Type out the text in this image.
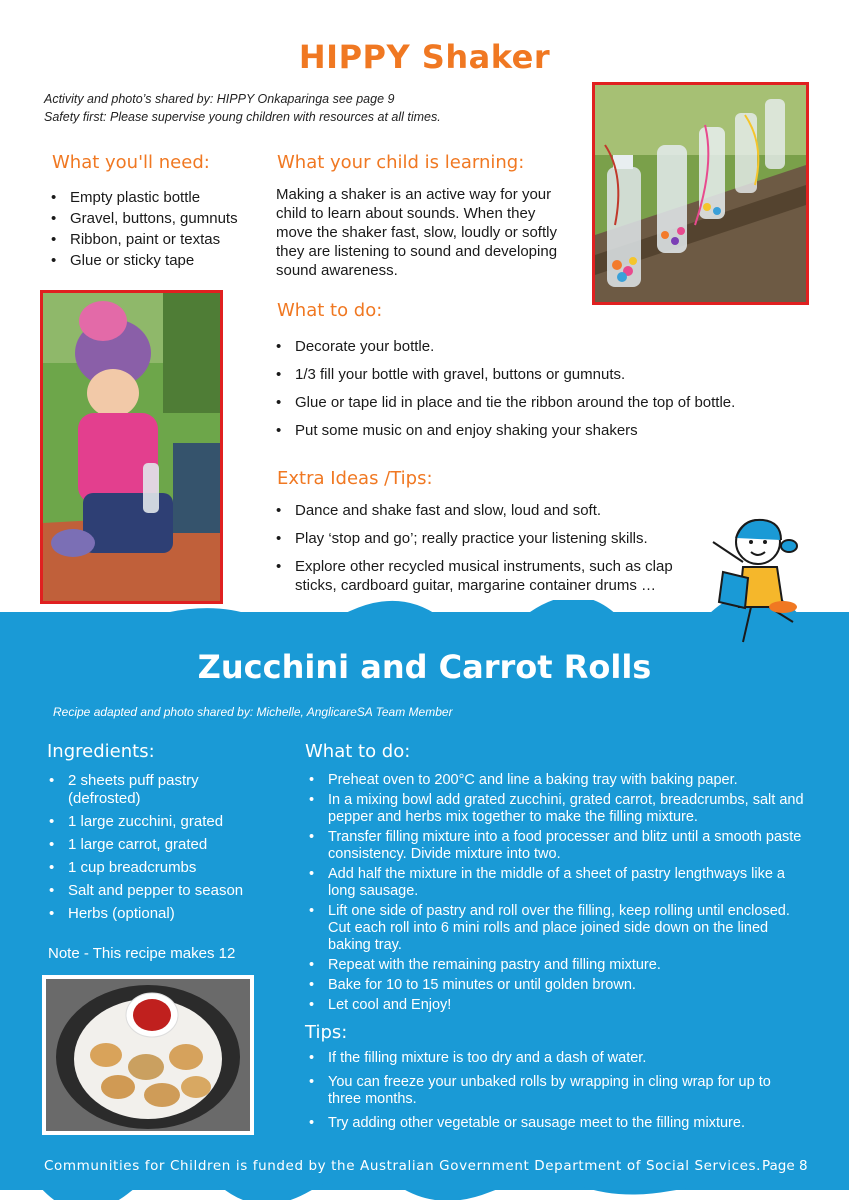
HIPPY Shaker
Activity and photo’s shared by: HIPPY Onkaparinga see page 9
Safety first: Please supervise young children with resources at all times.
What you'll need:
• Empty plastic bottle
• Gravel, buttons, gumnuts
• Ribbon, paint or textas
• Glue or sticky tape
What your child is learning:
Making a shaker is an active way for your child to learn about sounds. When they move the shaker fast, slow, loudly or softly they are listening to sound and developing sound awareness.
What to do:
• Decorate your bottle.
• 1/3 fill your bottle with gravel, buttons or gumnuts.
• Glue or tape lid in place and tie the ribbon around the top of bottle.
• Put some music on and enjoy shaking your shakers
Extra Ideas /Tips:
• Dance and shake fast and slow, loud and soft.
• Play ‘stop and go’; really practice your listening skills.
• Explore other recycled musical instruments, such as clap sticks, cardboard guitar, margarine container drums …
Zucchini and Carrot Rolls
Recipe adapted and photo shared by: Michelle, AnglicareSA Team Member
Ingredients:
• 2 sheets puff pastry (defrosted)
• 1 large zucchini, grated
• 1 large carrot, grated
• 1 cup breadcrumbs
• Salt and pepper to season
• Herbs (optional)
Note - This recipe makes 12
What to do:
• Preheat oven to 200°C and line a baking tray with baking paper.
• In a mixing bowl add grated zucchini, grated carrot, breadcrumbs, salt and pepper and herbs mix together to make the filling mixture.
• Transfer filling mixture into a food processer and blitz until a smooth paste consistency. Divide mixture into two.
• Add half the mixture in the middle of a sheet of pastry lengthways like a long sausage.
• Lift one side of pastry and roll over the filling, keep rolling until enclosed. Cut each roll into 6 mini rolls and place joined side down on the lined baking tray.
• Repeat with the remaining pastry and filling mixture.
• Bake for 10 to 15 minutes or until golden brown.
• Let cool and Enjoy!
Tips:
• If the filling mixture is too dry and a dash of water.
• You can freeze your unbaked rolls by wrapping in cling wrap for up to three months.
• Try adding other vegetable or sausage meet to the filling mixture.
Communities for Children is funded by the Australian Government Department of Social Services. Page 8
